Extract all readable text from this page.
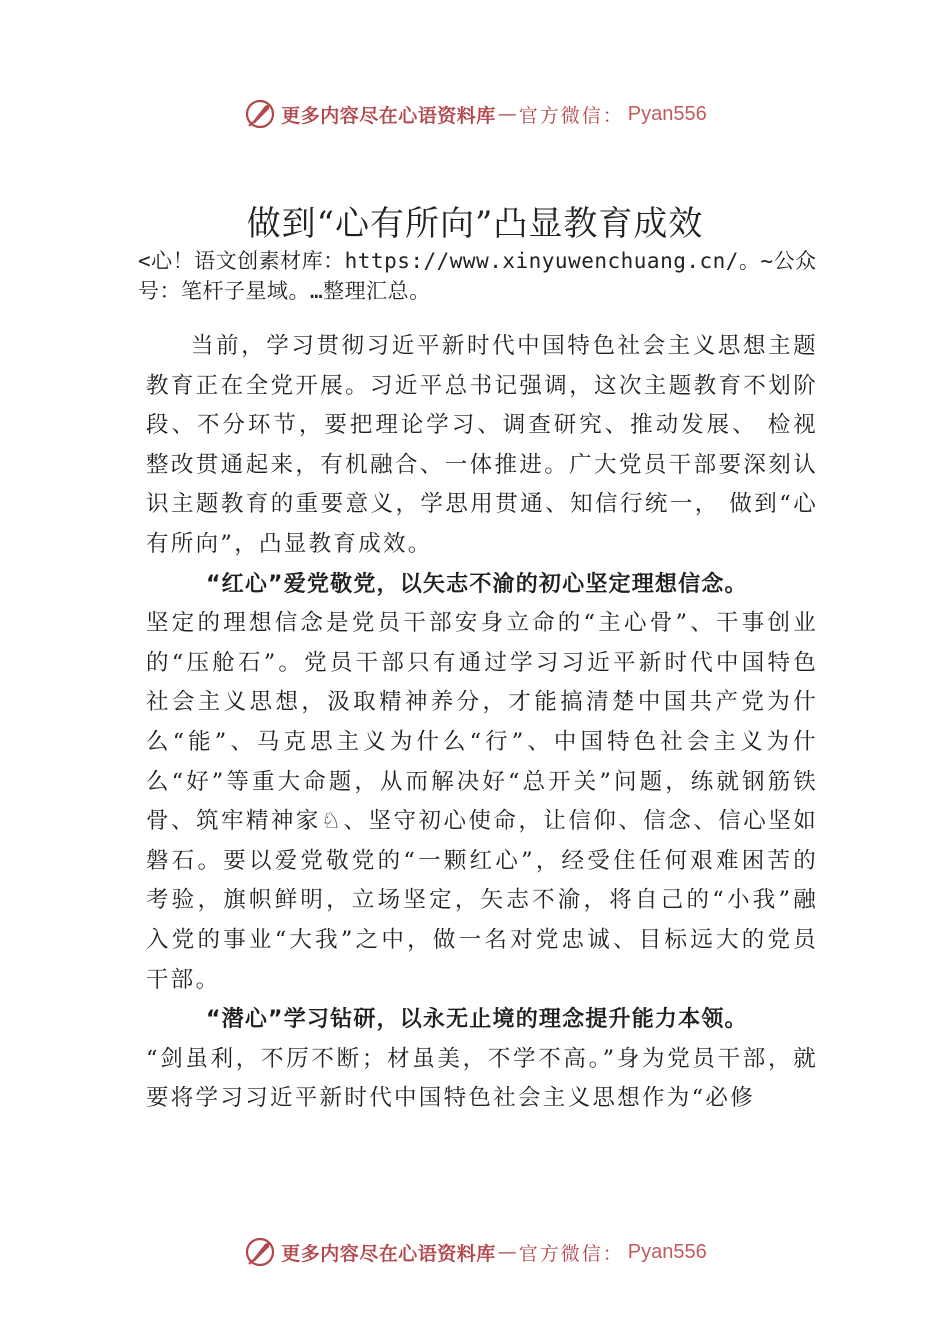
更多内容尽在心语资料库 — 官方微信： Pyan556
做到“心有所向”凸显教育成效
<心！语文创素材库：https://www.xinyuwenchuang.cn/。~公众号：笔杆子星域。…整理汇总。

当前，学习贯彻习近平新时代中国特色社会主义思想主题教育正在全党开展。习近平总书记强调，这次主题教育不划阶段、不分环节，要把理论学习、调查研究、推动发展、 检视整改贯通起来，有机融合、一体推进。广大党员干部要深刻认识主题教育的重要意义，学思用贯通、知信行统一， 做到“心有所向”，凸显教育成效。

“红心”爱党敬党，以矢志不渝的初心坚定理想信念。

坚定的理想信念是党员干部安身立命的“主心骨”、干事创业的“压舱石”。党员干部只有通过学习习近平新时代中国特色社会主义思想，汲取精神养分，才能搞清楚中国共产党为什么“能”、马克思主义为什么“行”、中国特色社会主义为什么“好”等重大命题，从而解决好“总开关”问题，练就钢筋铁骨、筑牢精神家♘、坚守初心使命，让信仰、信念、信心坚如磐石。要以爱党敬党的“一颗红心”，经受住任何艰难困苦的考验，旗帜鲜明，立场坚定，矢志不渝，将自己的“小我”融入党的事业“大我”之中，做一名对党忠诚、目标远大的党员干部。

“潜心”学习钻研，以永无止境的理念提升能力本领。

“剑虽利，不厉不断；材虽美，不学不高。”身为党员干部，就要将学习习近平新时代中国特色社会主义思想作为“必修

更多内容尽在心语资料库 — 官方微信： Pyan556
